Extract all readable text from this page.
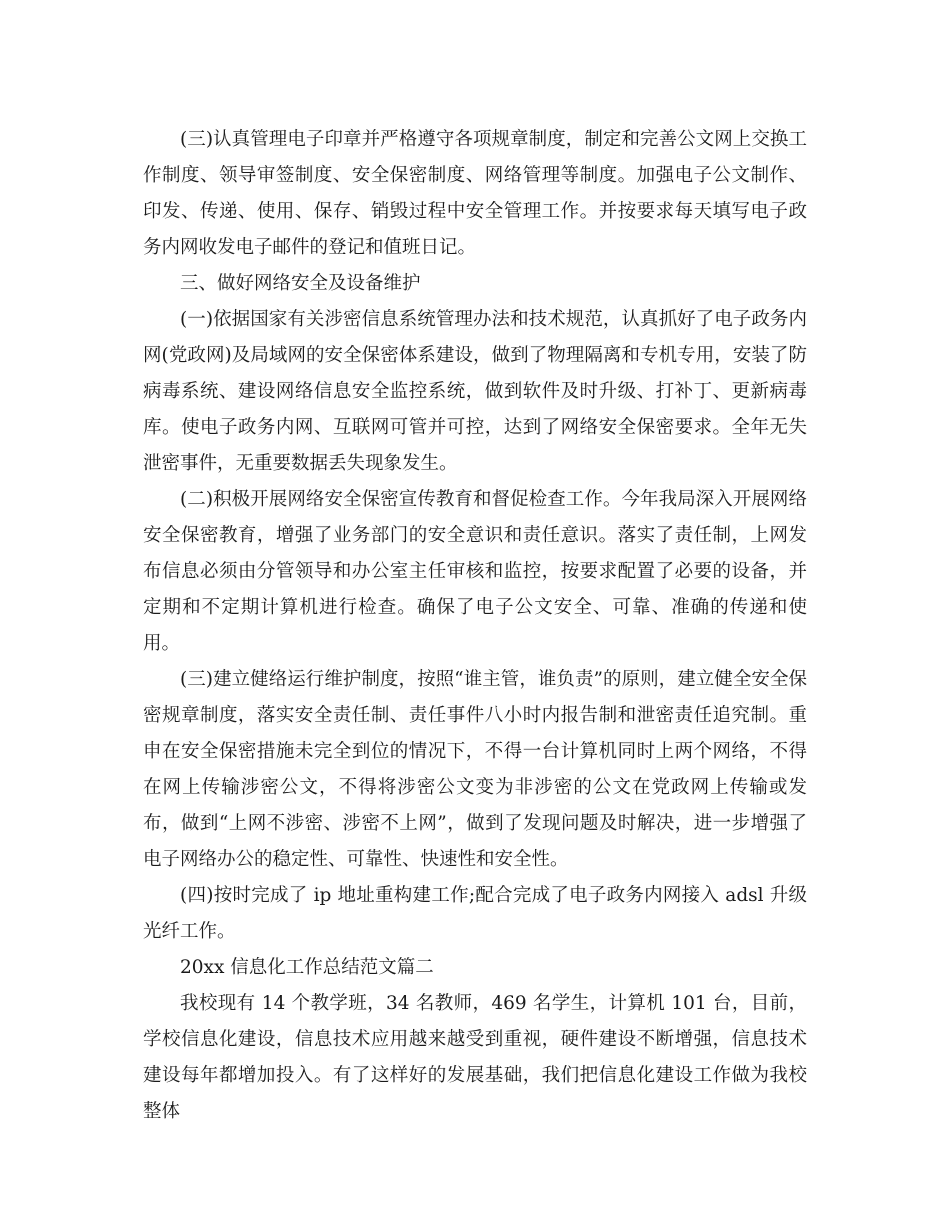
(三)认真管理电子印章并严格遵守各项规章制度，制定和完善公文网上交换工作制度、领导审签制度、安全保密制度、网络管理等制度。加强电子公文制作、印发、传递、使用、保存、销毁过程中安全管理工作。并按要求每天填写电子政务内网收发电子邮件的登记和值班日记。

三、做好网络安全及设备维护

(一)依据国家有关涉密信息系统管理办法和技术规范，认真抓好了电子政务内网(党政网)及局域网的安全保密体系建设，做到了物理隔离和专机专用，安装了防病毒系统、建设网络信息安全监控系统，做到软件及时升级、打补丁、更新病毒库。使电子政务内网、互联网可管并可控，达到了网络安全保密要求。全年无失泄密事件，无重要数据丢失现象发生。

(二)积极开展网络安全保密宣传教育和督促检查工作。今年我局深入开展网络安全保密教育，增强了业务部门的安全意识和责任意识。落实了责任制，上网发布信息必须由分管领导和办公室主任审核和监控，按要求配置了必要的设备，并定期和不定期计算机进行检查。确保了电子公文安全、可靠、准确的传递和使用。

(三)建立健络运行维护制度，按照“谁主管，谁负责”的原则，建立健全安全保密规章制度，落实安全责任制、责任事件八小时内报告制和泄密责任追究制。重申在安全保密措施未完全到位的情况下，不得一台计算机同时上两个网络，不得在网上传输涉密公文，不得将涉密公文变为非涉密的公文在党政网上传输或发布，做到“上网不涉密、涉密不上网”，做到了发现问题及时解决，进一步增强了电子网络办公的稳定性、可靠性、快速性和安全性。

(四)按时完成了 ip 地址重构建工作;配合完成了电子政务内网接入 adsl 升级光纤工作。

20xx 信息化工作总结范文篇二

我校现有 14 个教学班，34 名教师，469 名学生，计算机 101 台，目前，学校信息化建设，信息技术应用越来越受到重视，硬件建设不断增强，信息技术建设每年都增加投入。有了这样好的发展基础，我们把信息化建设工作做为我校整体
